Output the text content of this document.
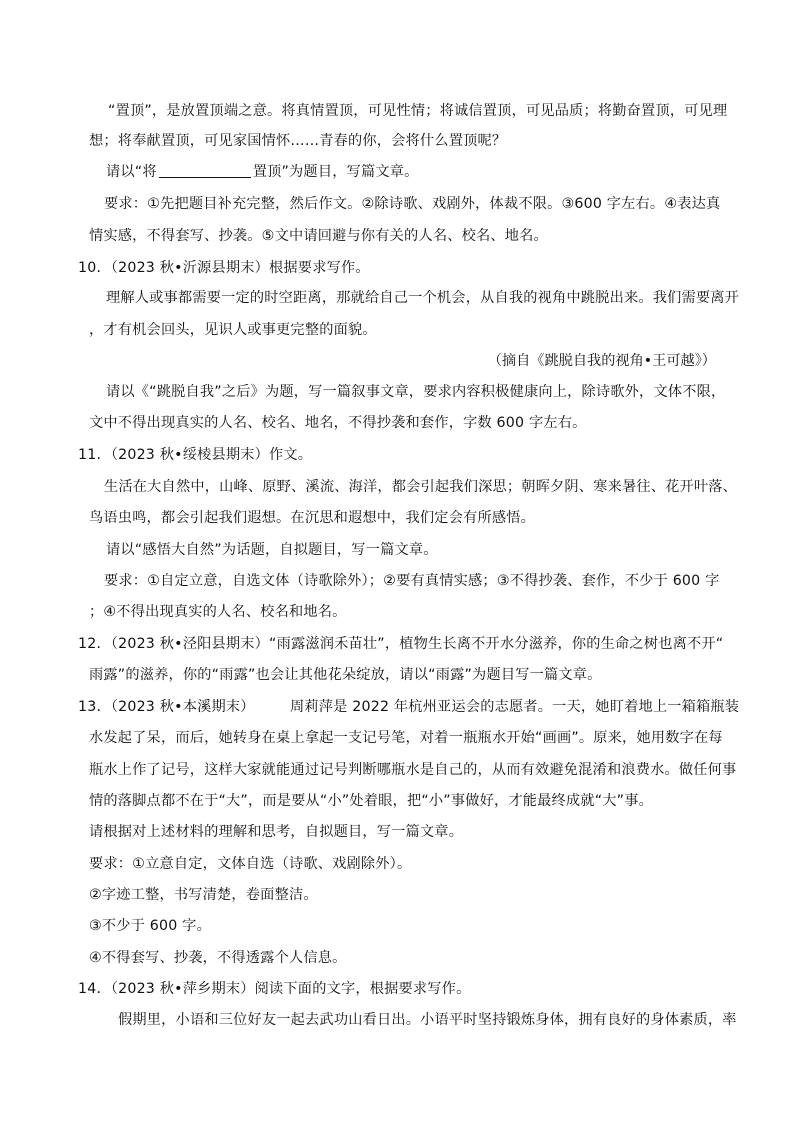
“置顶”，是放置顶端之意。将真情置顶，可见性情；将诚信置顶，可见品质；将勤奋置顶，可见理
想；将奉献置顶，可见家国情怀……青春的你，会将什么置顶呢？
请以“将	置顶”为题目，写篇文章。
要求：①先把题目补充完整，然后作文。②除诗歌、戏剧外，体裁不限。③600 字左右。④表达真
情实感，不得套写、抄袭。⑤文中请回避与你有关的人名、校名、地名。
10．（2023 秋•沂源县期末）根据要求写作。
理解人或事都需要一定的时空距离，那就给自己一个机会，从自我的视角中跳脱出来。我们需要离开
，才有机会回头，见识人或事更完整的面貌。
（摘自《跳脱自我的视角•王可越》）
请以《“跳脱自我”之后》为题，写一篇叙事文章，要求内容积极健康向上，除诗歌外，文体不限，
文中不得出现真实的人名、校名、地名，不得抄袭和套作，字数 600 字左右。
11．（2023 秋•绥棱县期末）作文。
生活在大自然中，山峰、原野、溪流、海洋，都会引起我们深思；朝晖夕阴、寒来暑往、花开叶落、
鸟语虫鸣，都会引起我们遐想。在沉思和遐想中，我们定会有所感悟。
请以“感悟大自然”为话题，自拟题目，写一篇文章。
要求：①自定立意，自选文体（诗歌除外）；②要有真情实感；③不得抄袭、套作，不少于 600 字
；④不得出现真实的人名、校名和地名。
12．（2023 秋•泾阳县期末）“雨露滋润禾苗壮”，植物生长离不开水分滋养，你的生命之树也离不开“
雨露”的滋养，你的“雨露”也会让其他花朵绽放，请以“雨露”为题目写一篇文章。
13．（2023 秋•本溪期末） 周莉萍是 2022 年杭州亚运会的志愿者。一天，她盯着地上一箱箱瓶装
水发起了呆，而后，她转身在桌上拿起一支记号笔，对着一瓶瓶水开始“画画”。原来，她用数字在每
瓶水上作了记号，这样大家就能通过记号判断哪瓶水是自己的，从而有效避免混淆和浪费水。做任何事
情的落脚点都不在于“大”，而是要从“小”处着眼，把“小”事做好，才能最终成就“大”事。
请根据对上述材料的理解和思考，自拟题目，写一篇文章。
要求：①立意自定，文体自选（诗歌、戏剧除外）。
②字迹工整，书写清楚，卷面整洁。
③不少于 600 字。
④不得套写、抄袭，不得透露个人信息。
14．（2023 秋•萍乡期末）阅读下面的文字，根据要求写作。
假期里，小语和三位好友一起去武功山看日出。小语平时坚持锻炼身体，拥有良好的身体素质，率
